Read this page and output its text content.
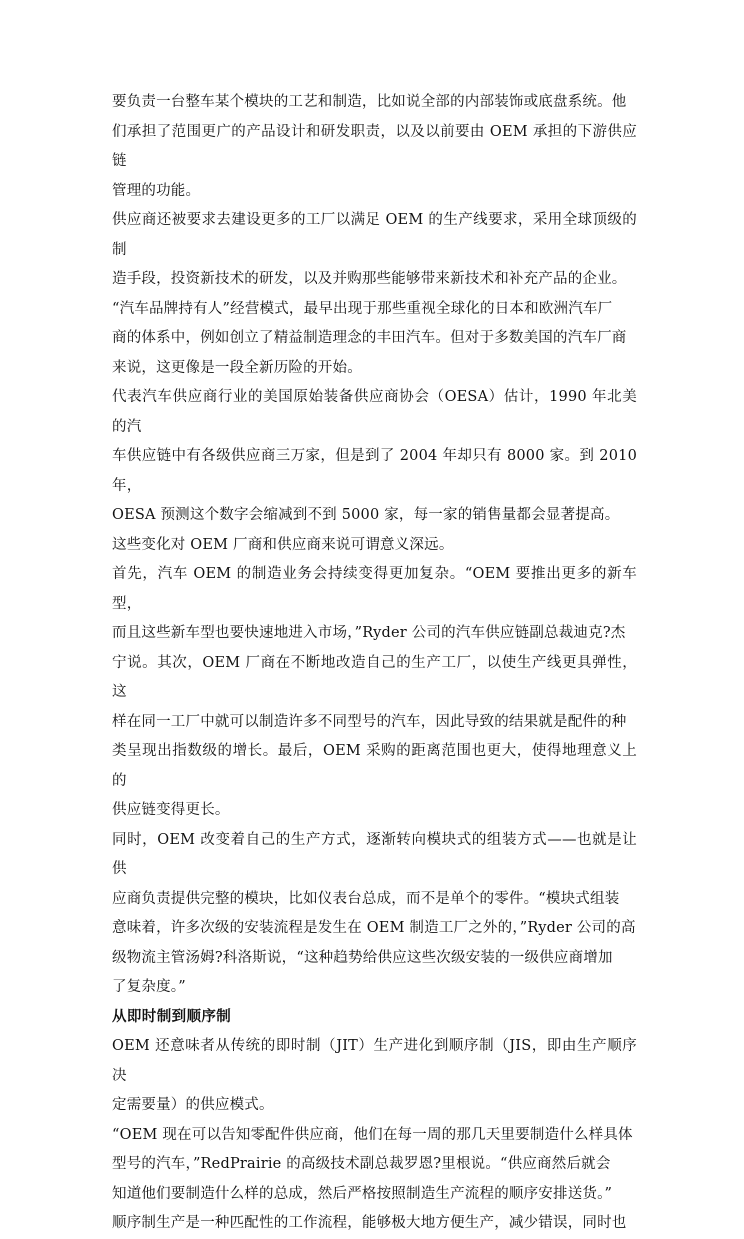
要负责一台整车某个模块的工艺和制造，比如说全部的内部装饰或底盘系统。他
们承担了范围更广的产品设计和研发职责，以及以前要由 OEM 承担的下游供应链
管理的功能。

供应商还被要求去建设更多的工厂以满足 OEM 的生产线要求，采用全球顶级的制
造手段，投资新技术的研发，以及并购那些能够带来新技术和补充产品的企业。

“汽车品牌持有人”经营模式，最早出现于那些重视全球化的日本和欧洲汽车厂
商的体系中，例如创立了精益制造理念的丰田汽车。但对于多数美国的汽车厂商
来说，这更像是一段全新历险的开始。

代表汽车供应商行业的美国原始装备供应商协会（OESA）估计，1990 年北美的汽
车供应链中有各级供应商三万家，但是到了 2004 年却只有 8000 家。到 2010 年，
OESA 预测这个数字会缩减到不到 5000 家，每一家的销售量都会显著提高。

这些变化对 OEM 厂商和供应商来说可谓意义深远。

首先，汽车 OEM 的制造业务会持续变得更加复杂。“OEM 要推出更多的新车型，
而且这些新车型也要快速地进入市场，”Ryder 公司的汽车供应链副总裁迪克?杰
宁说。其次，OEM 厂商在不断地改造自己的生产工厂，以使生产线更具弹性，这
样在同一工厂中就可以制造许多不同型号的汽车，因此导致的结果就是配件的种
类呈现出指数级的增长。最后，OEM 采购的距离范围也更大，使得地理意义上的
供应链变得更长。

同时，OEM 改变着自己的生产方式，逐渐转向模块式的组装方式——也就是让供
应商负责提供完整的模块，比如仪表台总成，而不是单个的零件。“模块式组装
意味着，许多次级的安装流程是发生在 OEM 制造工厂之外的，”Ryder 公司的高
级物流主管汤姆?科洛斯说，“这种趋势给供应这些次级安装的一级供应商增加
了复杂度。”

从即时制到顺序制

OEM 还意味者从传统的即时制（JIT）生产进化到顺序制（JIS，即由生产顺序决
定需要量）的供应模式。

“OEM 现在可以告知零配件供应商，他们在每一周的那几天里要制造什么样具体
型号的汽车，”RedPrairie 的高级技术副总裁罗恩?里根说。“供应商然后就会
知道他们要制造什么样的总成，然后严格按照制造生产流程的顺序安排送货。”

顺序制生产是一种匹配性的工作流程，能够极大地方便生产，减少错误，同时也
